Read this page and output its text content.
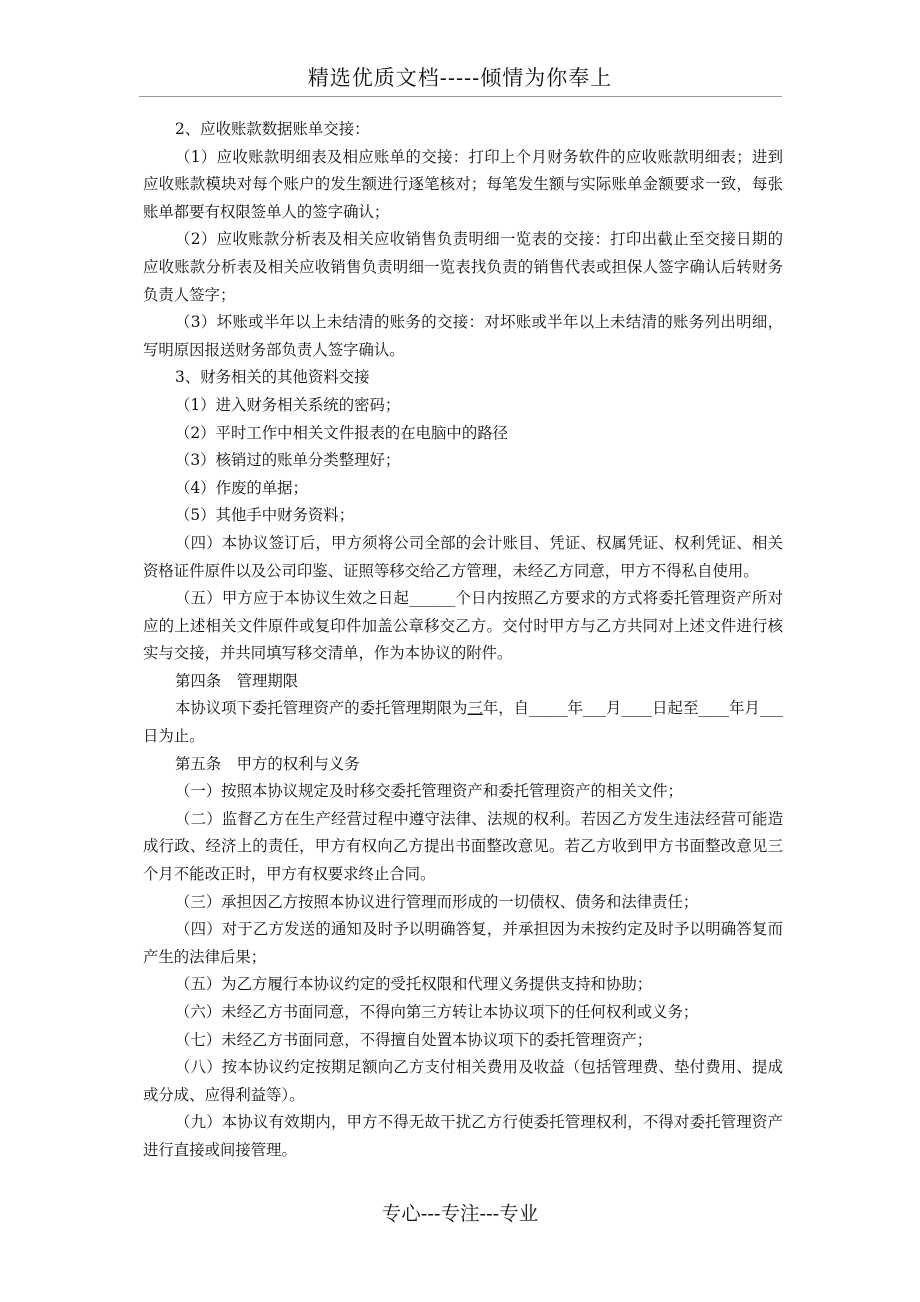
精选优质文档-----倾情为你奉上

2、应收账款数据账单交接：

（1）应收账款明细表及相应账单的交接：打印上个月财务软件的应收账款明细表；进到应收账款模块对每个账户的发生额进行逐笔核对；每笔发生额与实际账单金额要求一致，每张账单都要有权限签单人的签字确认；

（2）应收账款分析表及相关应收销售负责明细一览表的交接：打印出截止至交接日期的应收账款分析表及相关应收销售负责明细一览表找负责的销售代表或担保人签字确认后转财务负责人签字；

（3）坏账或半年以上未结清的账务的交接：对坏账或半年以上未结清的账务列出明细，写明原因报送财务部负责人签字确认。

3、财务相关的其他资料交接

（1）进入财务相关系统的密码；

（2）平时工作中相关文件报表的在电脑中的路径

（3）核销过的账单分类整理好；

（4）作废的单据；

（5）其他手中财务资料；

（四）本协议签订后，甲方须将公司全部的会计账目、凭证、权属凭证、权利凭证、相关资格证件原件以及公司印鉴、证照等移交给乙方管理，未经乙方同意，甲方不得私自使用。

（五）甲方应于本协议生效之日起______个日内按照乙方要求的方式将委托管理资产所对应的上述相关文件原件或复印件加盖公章移交乙方。交付时甲方与乙方共同对上述文件进行核实与交接，并共同填写移交清单，作为本协议的附件。

第四条　管理期限

本协议项下委托管理资产的委托管理期限为三年，自_____年___月____日起至____年月___日为止。

第五条　甲方的权利与义务

（一）按照本协议规定及时移交委托管理资产和委托管理资产的相关文件；

（二）监督乙方在生产经营过程中遵守法律、法规的权利。若因乙方发生违法经营可能造成行政、经济上的责任，甲方有权向乙方提出书面整改意见。若乙方收到甲方书面整改意见三个月不能改正时，甲方有权要求终止合同。

（三）承担因乙方按照本协议进行管理而形成的一切债权、债务和法律责任；

（四）对于乙方发送的通知及时予以明确答复，并承担因为未按约定及时予以明确答复而产生的法律后果；

（五）为乙方履行本协议约定的受托权限和代理义务提供支持和协助；

（六）未经乙方书面同意，不得向第三方转让本协议项下的任何权利或义务；

（七）未经乙方书面同意，不得擅自处置本协议项下的委托管理资产；

（八）按本协议约定按期足额向乙方支付相关费用及收益（包括管理费、垫付费用、提成或分成、应得利益等）。

（九）本协议有效期内，甲方不得无故干扰乙方行使委托管理权利，不得对委托管理资产进行直接或间接管理。

专心---专注---专业
